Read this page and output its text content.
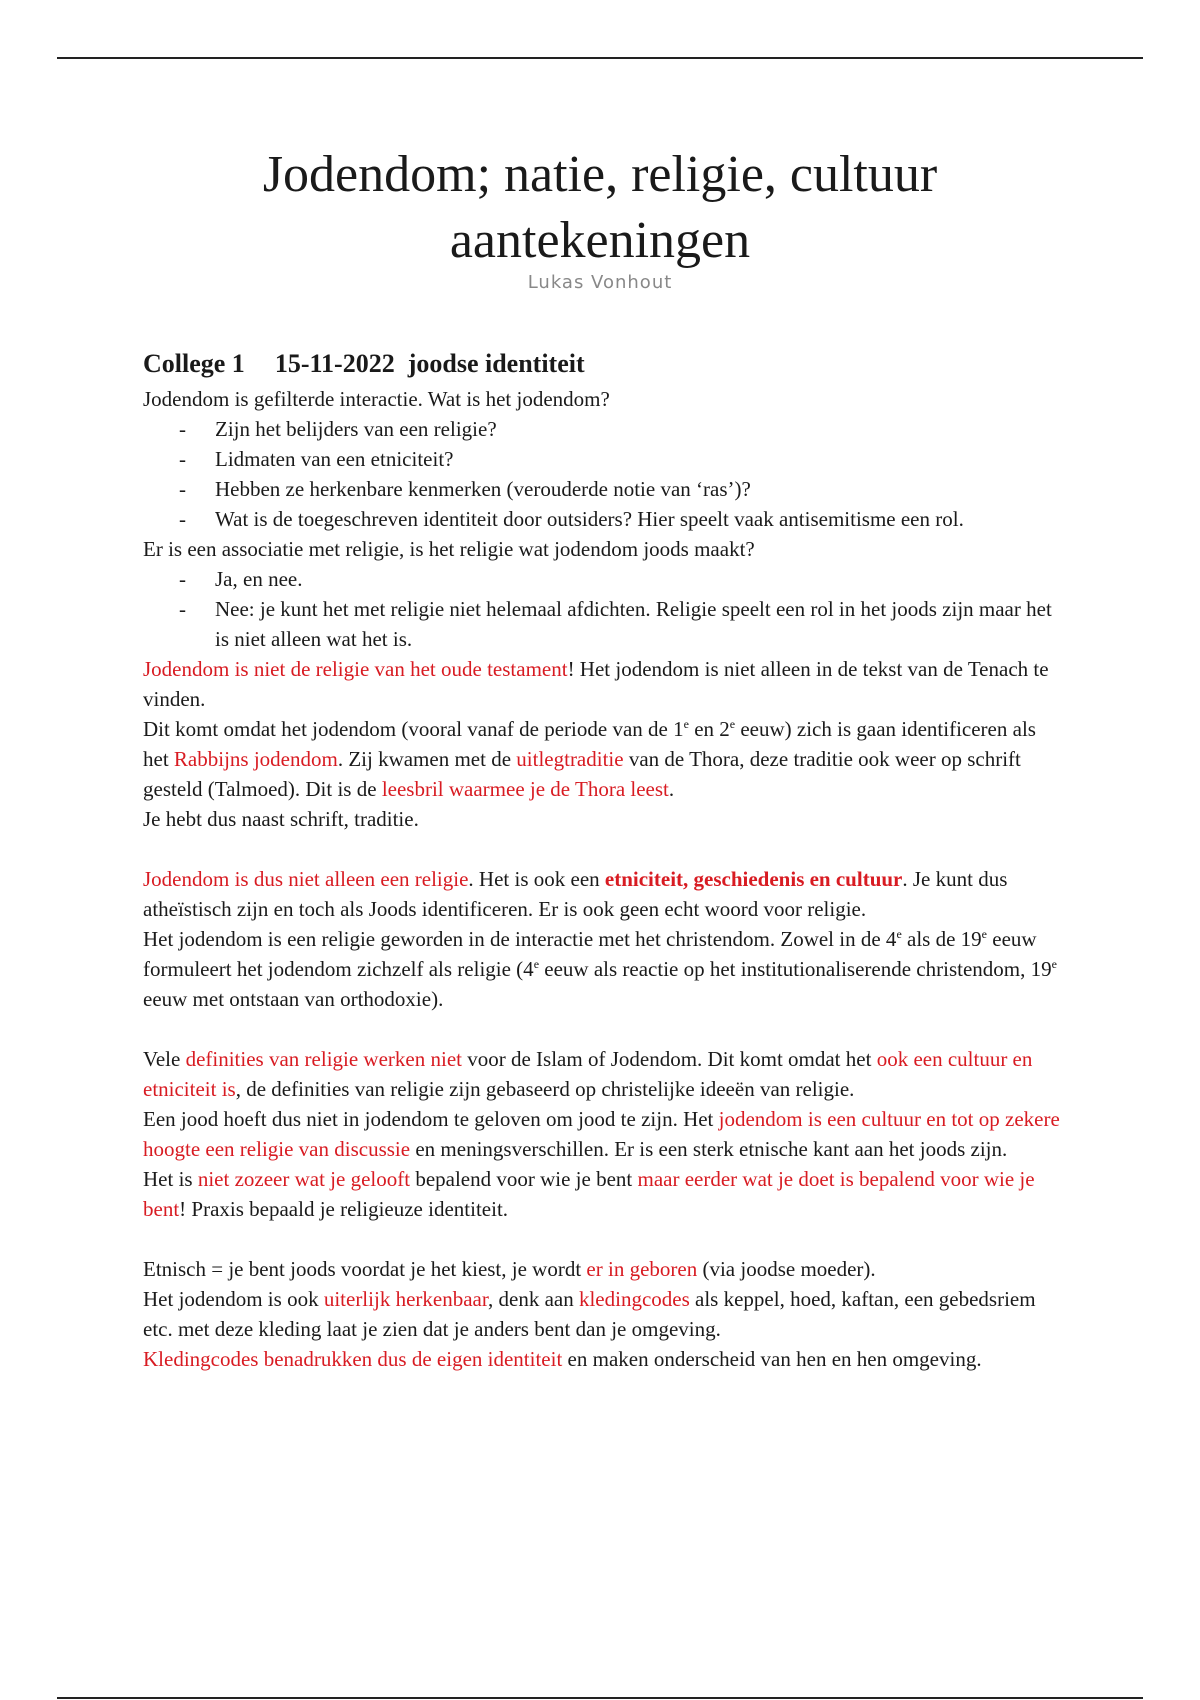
Jodendom; natie, religie, cultuur
aantekeningen
Lukas Vonhout
College 1 15-11-2022 joodse identiteit

Jodendom is gefilterde interactie. Wat is het jodendom?

- Zijn het belijders van een religie?
- Lidmaten van een etniciteit?
- Hebben ze herkenbare kenmerken (verouderde notie van ‘ras’)?
- Wat is de toegeschreven identiteit door outsiders? Hier speelt vaak antisemitisme een rol.

Er is een associatie met religie, is het religie wat jodendom joods maakt?

- Ja, en nee.
- Nee: je kunt het met religie niet helemaal afdichten. Religie speelt een rol in het joods zijn maar het is niet alleen wat het is.

Jodendom is niet de religie van het oude testament! Het jodendom is niet alleen in de tekst van de Tenach te vinden.

Dit komt omdat het jodendom (vooral vanaf de periode van de 1e en 2e eeuw) zich is gaan identificeren als het Rabbijns jodendom. Zij kwamen met de uitlegtraditie van de Thora, deze traditie ook weer op schrift gesteld (Talmoed). Dit is de leesbril waarmee je de Thora leest.

Je hebt dus naast schrift, traditie.

Jodendom is dus niet alleen een religie. Het is ook een etniciteit, geschiedenis en cultuur. Je kunt dus atheïstisch zijn en toch als Joods identificeren. Er is ook geen echt woord voor religie.

Het jodendom is een religie geworden in de interactie met het christendom. Zowel in de 4e als de 19e eeuw formuleert het jodendom zichzelf als religie (4e eeuw als reactie op het institutionaliserende christendom, 19e eeuw met ontstaan van orthodoxie).

Vele definities van religie werken niet voor de Islam of Jodendom. Dit komt omdat het ook een cultuur en etniciteit is, de definities van religie zijn gebaseerd op christelijke ideeën van religie.

Een jood hoeft dus niet in jodendom te geloven om jood te zijn. Het jodendom is een cultuur en tot op zekere hoogte een religie van discussie en meningsverschillen. Er is een sterk etnische kant aan het joods zijn.

Het is niet zozeer wat je gelooft bepalend voor wie je bent maar eerder wat je doet is bepalend voor wie je bent! Praxis bepaald je religieuze identiteit.

Etnisch = je bent joods voordat je het kiest, je wordt er in geboren (via joodse moeder).

Het jodendom is ook uiterlijk herkenbaar, denk aan kledingcodes als keppel, hoed, kaftan, een gebedsriem etc. met deze kleding laat je zien dat je anders bent dan je omgeving.

Kledingcodes benadrukken dus de eigen identiteit en maken onderscheid van hen en hen omgeving.
